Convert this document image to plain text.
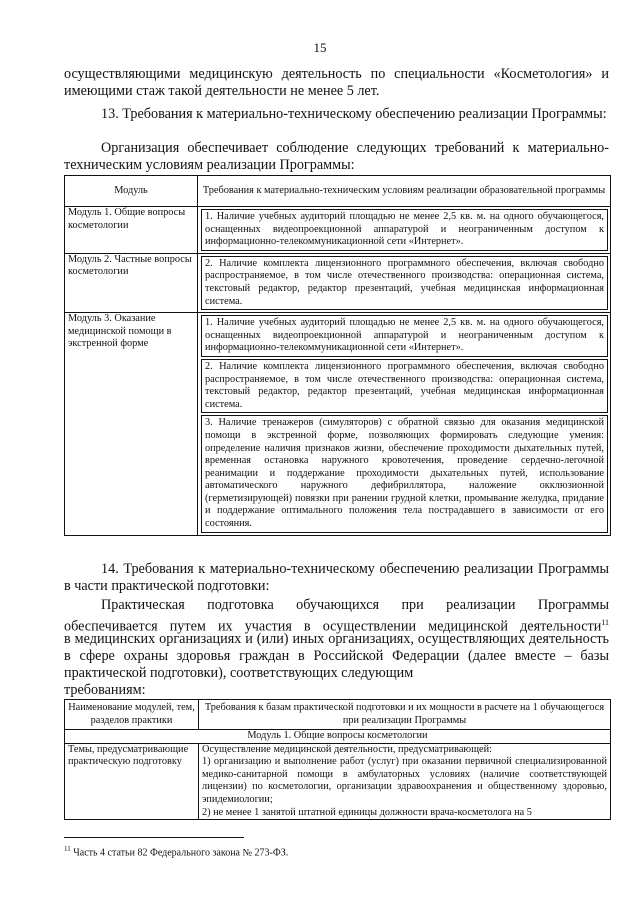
15
осуществляющими медицинскую деятельность по специальности «Косметология» и имеющими стаж такой деятельности не менее 5 лет.
13. Требования к материально-техническому обеспечению реализации Программы:
Организация обеспечивает соблюдение следующих требований к материально-техническим условиям реализации Программы:
Модуль	Требования к материально-техническим условиям реализации образовательной программы
Модуль 1. Общие вопросы косметологии	1. Наличие учебных аудиторий площадью не менее 2,5 кв. м. на одного обучающегося, оснащенных видеопроекционной аппаратурой и неограниченным доступом к информационно-телекоммуникационной сети «Интернет».

Модуль 2. Частные вопросы косметологии	2. Наличие комплекта лицензионного программного обеспечения, включая свободно распространяемое, в том числе отечественного производства: операционная система, текстовый редактор, редактор презентаций, учебная медицинская информационная система.

Модуль 3. Оказание медицинской помощи в экстренной форме	1. Наличие учебных аудиторий площадью не менее 2,5 кв. м. на одного обучающегося, оснащенных видеопроекционной аппаратурой и неограниченным доступом к информационно-телекоммуникационной сети «Интернет».
2. Наличие комплекта лицензионного программного обеспечения, включая свободно распространяемое, в том числе отечественного производства: операционная система, текстовый редактор, редактор презентаций, учебная медицинская информационная система.
3. Наличие тренажеров (симуляторов) с обратной связью для оказания медицинской помощи в экстренной форме, позволяющих формировать следующие умения: определение наличия признаков жизни, обеспечение проходимости дыхательных путей, временная остановка наружного кровотечения, проведение сердечно-легочной реанимации и поддержание проходимости дыхательных путей, использование автоматического наружного дефибриллятора, наложение окклюзионной (герметизирующей) повязки при ранении грудной клетки, промывание желудка, придание и поддержание оптимального положения тела пострадавшего в зависимости от его состояния.
14. Требования к материально-техническому обеспечению реализации Программы в части практической подготовки:
Практическая подготовка обучающихся при реализации Программы обеспечивается путем их участия в осуществлении медицинской деятельности$^{11}$
в медицинских организациях и (или) иных организациях, осуществляющих деятельность в сфере охраны здоровья граждан в Российской Федерации (далее вместе – базы практической подготовки), соответствующих следующим
требованиям:
Наименование модулей, тем, разделов практики	Требования к базам практической подготовки и их мощности в расчете на 1 обучающегося при реализации Программы
Модуль 1. Общие вопросы косметологии	
Темы, предусматривающие практическую подготовку	Осуществление медицинской деятельности, предусматривающей:
1) организацию и выполнение работ (услуг) при оказании первичной специализированной медико-санитарной помощи в амбулаторных условиях (наличие соответствующей лицензии) по косметологии, организации здравоохранения и общественному здоровью, эпидемиологии;
2) не менее 1 занятой штатной единицы должности врача-косметолога на 5
$^{11}$ Часть 4 статьи 82 Федерального закона № 273-ФЗ.
